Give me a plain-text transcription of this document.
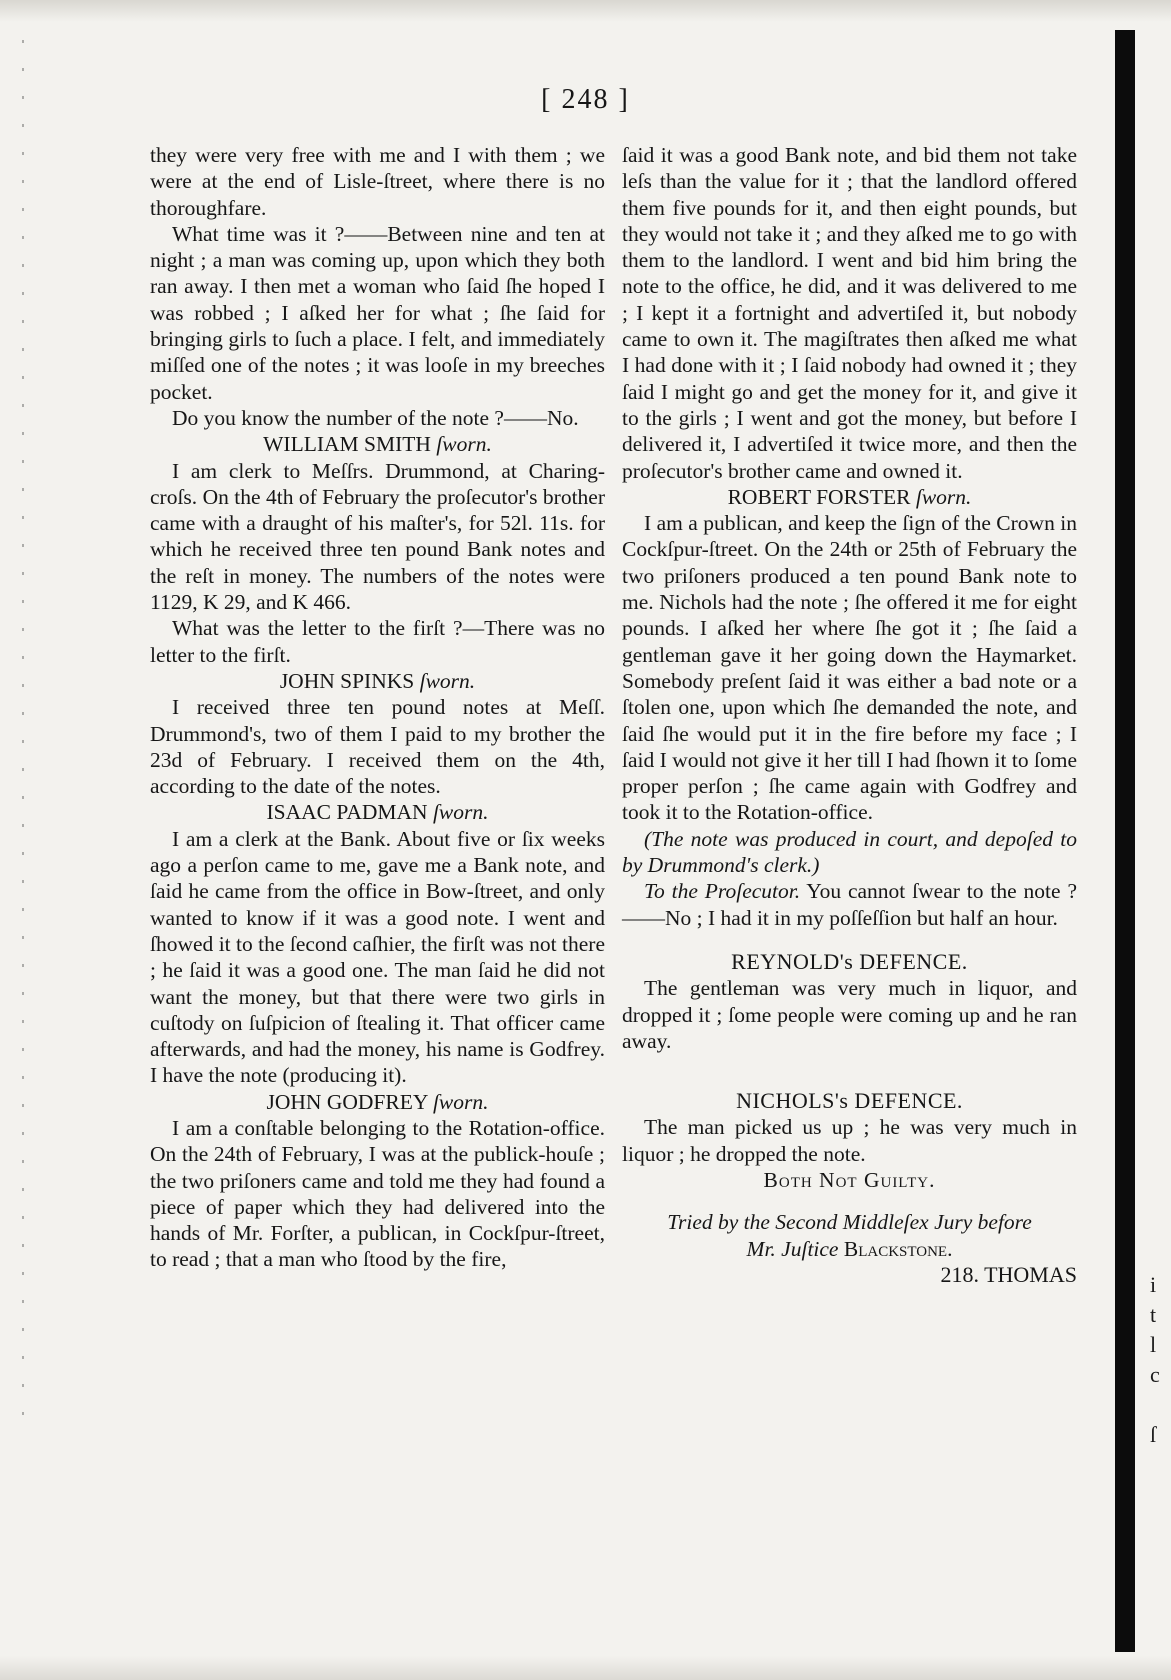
i
t
l
c
ſ
[ 248 ]

they were very free with me and I with them ; we were at the end of Lisle-ſtreet, where there is no thoroughfare.

What time was it ?——Between nine and ten at night ; a man was coming up, upon which they both ran away. I then met a woman who ſaid ſhe hoped I was robbed ; I aſked her for what ; ſhe ſaid for bringing girls to ſuch a place. I felt, and immediately miſſed one of the notes ; it was looſe in my breeches pocket.

Do you know the number of the note ?——No.

WILLIAM SMITH ſworn.

I am clerk to Meſſrs. Drummond, at Charing-croſs. On the 4th of February the proſecutor's brother came with a draught of his maſter's, for 52l. 11s. for which he received three ten pound Bank notes and the reſt in money. The numbers of the notes were 1129, K 29, and K 466.

What was the letter to the firſt ?—There was no letter to the firſt.

JOHN SPINKS ſworn.

I received three ten pound notes at Meſſ. Drummond's, two of them I paid to my brother the 23d of February. I received them on the 4th, according to the date of the notes.

ISAAC PADMAN ſworn.

I am a clerk at the Bank. About five or ſix weeks ago a perſon came to me, gave me a Bank note, and ſaid he came from the office in Bow-ſtreet, and only wanted to know if it was a good note. I went and ſhowed it to the ſecond caſhier, the firſt was not there ; he ſaid it was a good one. The man ſaid he did not want the money, but that there were two girls in cuſtody on ſuſpicion of ſtealing it. That officer came afterwards, and had the money, his name is Godfrey. I have the note (producing it).

JOHN GODFREY ſworn.

I am a conſtable belonging to the Rotation-office. On the 24th of February, I was at the publick-houſe ; the two priſoners came and told me they had found a piece of paper which they had delivered into the hands of Mr. Forſter, a publican, in Cockſpur-ſtreet, to read ; that a man who ſtood by the fire,

ſaid it was a good Bank note, and bid them not take leſs than the value for it ; that the landlord offered them five pounds for it, and then eight pounds, but they would not take it ; and they aſked me to go with them to the landlord. I went and bid him bring the note to the office, he did, and it was delivered to me ; I kept it a fortnight and advertiſed it, but nobody came to own it. The magiſtrates then aſked me what I had done with it ; I ſaid nobody had owned it ; they ſaid I might go and get the money for it, and give it to the girls ; I went and got the money, but before I delivered it, I advertiſed it twice more, and then the proſecutor's brother came and owned it.

ROBERT FORSTER ſworn.

I am a publican, and keep the ſign of the Crown in Cockſpur-ſtreet. On the 24th or 25th of February the two priſoners produced a ten pound Bank note to me. Nichols had the note ; ſhe offered it me for eight pounds. I aſked her where ſhe got it ; ſhe ſaid a gentleman gave it her going down the Haymarket. Somebody preſent ſaid it was either a bad note or a ſtolen one, upon which ſhe demanded the note, and ſaid ſhe would put it in the fire before my face ; I ſaid I would not give it her till I had ſhown it to ſome proper perſon ; ſhe came again with Godfrey and took it to the Rotation-office.

(The note was produced in court, and depoſed to by Drummond's clerk.)

To the Proſecutor. You cannot ſwear to the note ?——No ; I had it in my poſſeſſion but half an hour.

REYNOLD's DEFENCE.

The gentleman was very much in liquor, and dropped it ; ſome people were coming up and he ran away.

NICHOLS's DEFENCE.

The man picked us up ; he was very much in liquor ; he dropped the note.

Both Not Guilty.

Tried by the Second Middleſex Jury before

Mr. Juſtice Blackstone.

218. THOMAS
